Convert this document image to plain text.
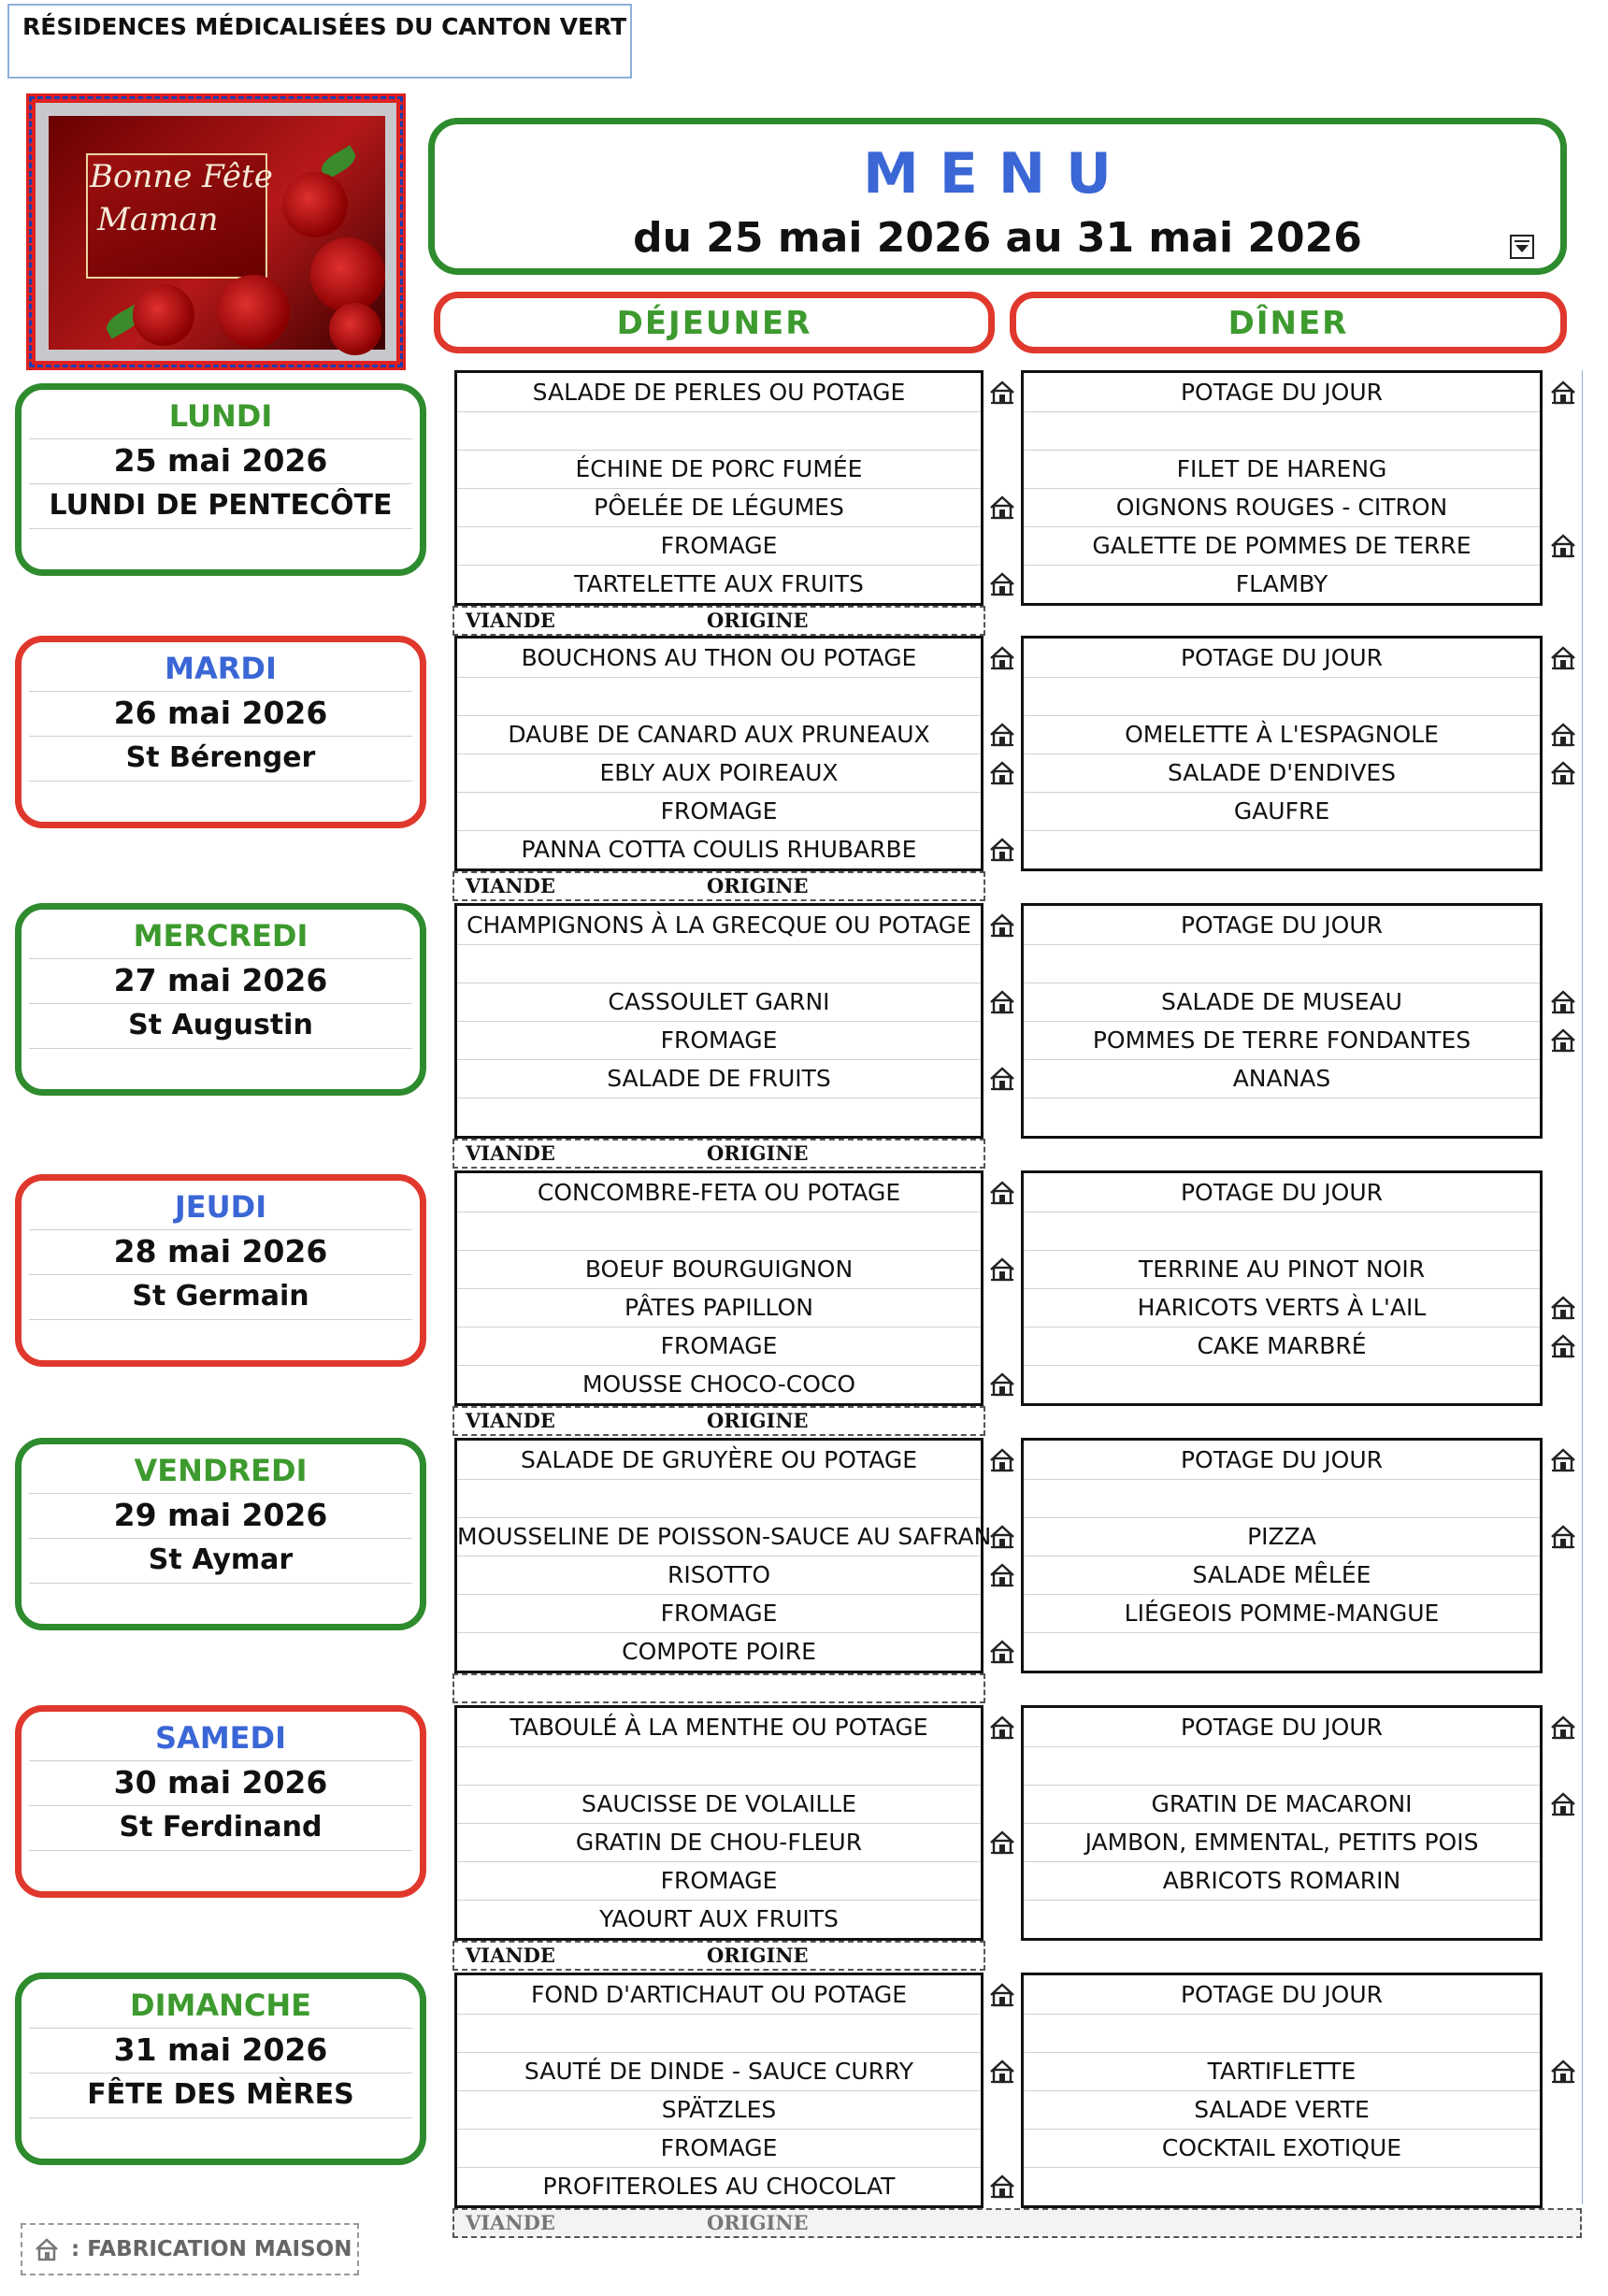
RÉSIDENCES MÉDICALISÉES DU CANTON VERT
Bonne Fête
Maman
MENU
du 25 mai 2026 au 31 mai 2026
DÉJEUNER	DÎNER
LUNDI
25 mai 2026
LUNDI DE PENTECÔTE
SALADE DE PERLES OU POTAGE
ÉCHINE DE PORC FUMÉE
PÔELÉE DE LÉGUMES
FROMAGE
TARTELETTE AUX FRUITS
POTAGE DU JOUR
FILET DE HARENG
OIGNONS ROUGES - CITRON
GALETTE DE POMMES DE TERRE
FLAMBY
VIANDE	ORIGINE
MARDI
26 mai 2026
St Bérenger
BOUCHONS AU THON OU POTAGE
DAUBE DE CANARD AUX PRUNEAUX
EBLY AUX POIREAUX
FROMAGE
PANNA COTTA COULIS RHUBARBE
POTAGE DU JOUR
OMELETTE À L'ESPAGNOLE
SALADE D'ENDIVES
GAUFRE
VIANDE	ORIGINE
MERCREDI
27 mai 2026
St Augustin
CHAMPIGNONS À LA GRECQUE OU POTAGE
CASSOULET GARNI
FROMAGE
SALADE DE FRUITS
POTAGE DU JOUR
SALADE DE MUSEAU
POMMES DE TERRE FONDANTES
ANANAS
VIANDE	ORIGINE
JEUDI
28 mai 2026
St Germain
CONCOMBRE-FETA OU POTAGE
BOEUF BOURGUIGNON
PÂTES PAPILLON
FROMAGE
MOUSSE CHOCO-COCO
POTAGE DU JOUR
TERRINE AU PINOT NOIR
HARICOTS VERTS À L'AIL
CAKE MARBRÉ
VIANDE	ORIGINE
VENDREDI
29 mai 2026
St Aymar
SALADE DE GRUYÈRE OU POTAGE
MOUSSELINE DE POISSON-SAUCE AU SAFRAN
RISOTTO
FROMAGE
COMPOTE POIRE
POTAGE DU JOUR
PIZZA
SALADE MÊLÉE
LIÉGEOIS POMME-MANGUE
SAMEDI
30 mai 2026
St Ferdinand
TABOULÉ À LA MENTHE OU POTAGE
SAUCISSE DE VOLAILLE
GRATIN DE CHOU-FLEUR
FROMAGE
YAOURT AUX FRUITS
POTAGE DU JOUR
GRATIN DE MACARONI
JAMBON, EMMENTAL, PETITS POIS
ABRICOTS ROMARIN
VIANDE	ORIGINE
DIMANCHE
31 mai 2026
FÊTE DES MÈRES
FOND D'ARTICHAUT OU POTAGE
SAUTÉ DE DINDE - SAUCE CURRY
SPÄTZLES
FROMAGE
PROFITEROLES AU CHOCOLAT
POTAGE DU JOUR
TARTIFLETTE
SALADE VERTE
COCKTAIL EXOTIQUE
VIANDE	ORIGINE
: FABRICATION MAISON
